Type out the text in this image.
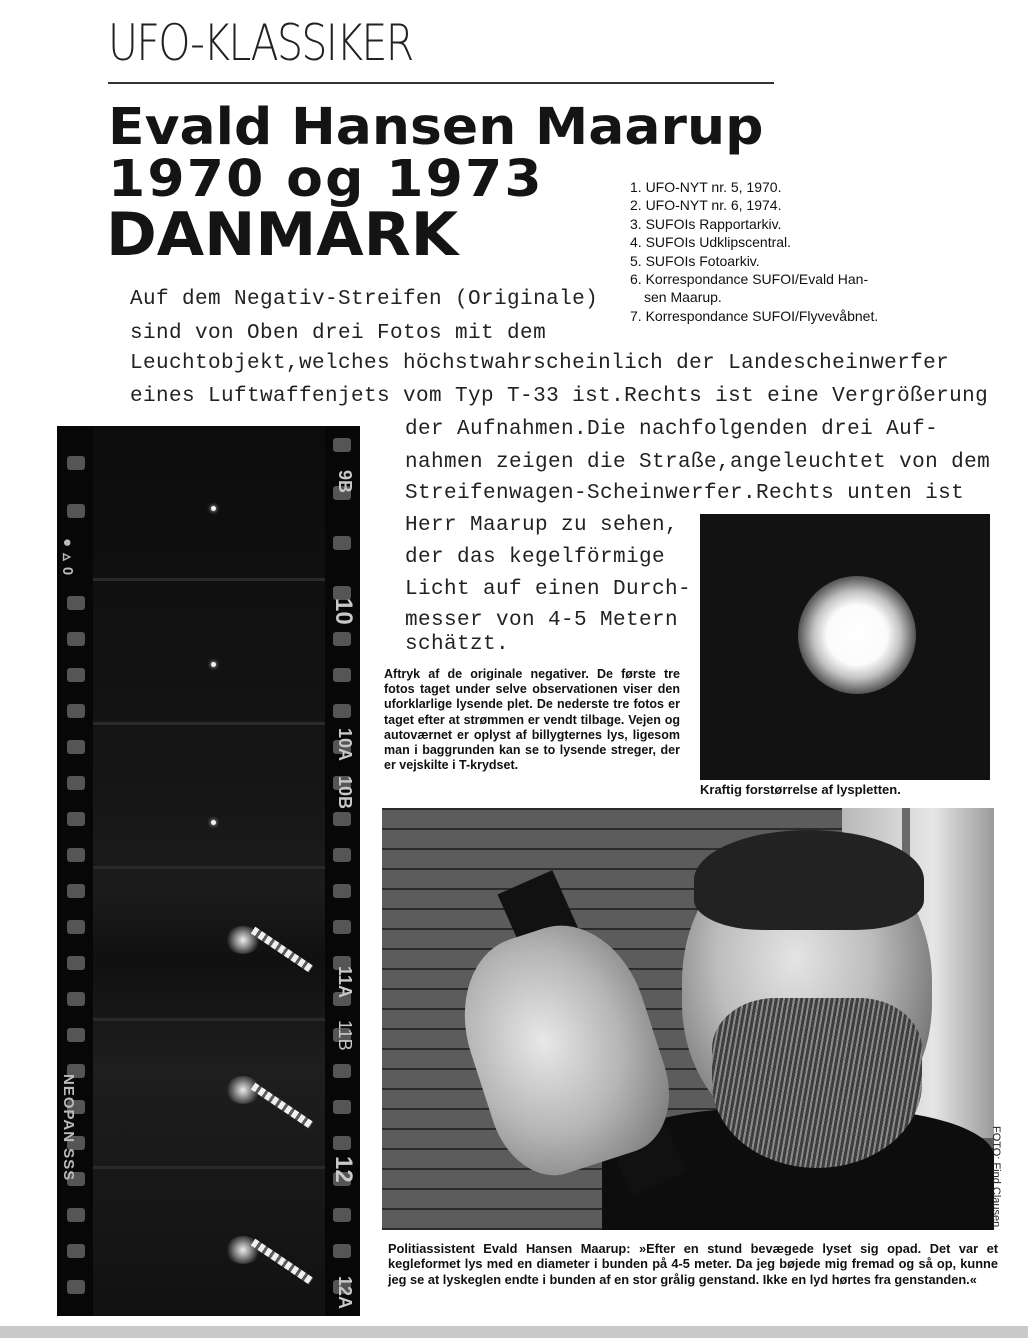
UFO-KLASSIKER
Evald Hansen Maarup
1970 og 1973
DANMARK
1. UFO-NYT nr. 5, 1970.
2. UFO-NYT nr. 6, 1974.
3. SUFOIs Rapportarkiv.
4. SUFOIs Udklipscentral.
5. SUFOIs Fotoarkiv.
6. Korrespondance SUFOI/Evald Han-
sen Maarup.
7. Korrespondance SUFOI/Flyvevåbnet.
Auf dem Negativ-Streifen (Originale)
sind von Oben drei Fotos mit dem
Leuchtobjekt,welches höchstwahrscheinlich der Landescheinwerfer
eines Luftwaffenjets vom Typ T-33 ist.Rechts ist eine Vergrößerung
der Aufnahmen.Die nachfolgenden drei Auf-
nahmen zeigen die Straße,angeleuchtet von dem
Streifenwagen-Scheinwerfer.Rechts unten ist
Herr Maarup zu sehen,
der das kegelförmige
Licht auf einen Durch-
messer von 4-5 Metern
schätzt.
9B
10
10A
10B
11A
11B
12
12A
● ▵ 0
NEOPAN SSS
Aftryk af de originale negativer. De første tre fotos taget under selve observationen viser den uforklarlige lysende plet. De nederste tre fotos er taget efter at strømmen er vendt tilbage. Vejen og autoværnet er oplyst af billygternes lys, ligesom man i baggrunden kan se to lysende streger, der er vejskilte i T-krydset.
Kraftig forstørrelse af lyspletten.
FOTO: Find Clausen.
Politiassistent Evald Hansen Maarup: »Efter en stund bevægede lyset sig opad. Det var et kegleformet lys med en diameter i bunden på 4-5 meter. Da jeg bøjede mig fremad og så op, kunne jeg se at lyskeglen endte i bunden af en stor grålig genstand. Ikke en lyd hørtes fra genstanden.«
